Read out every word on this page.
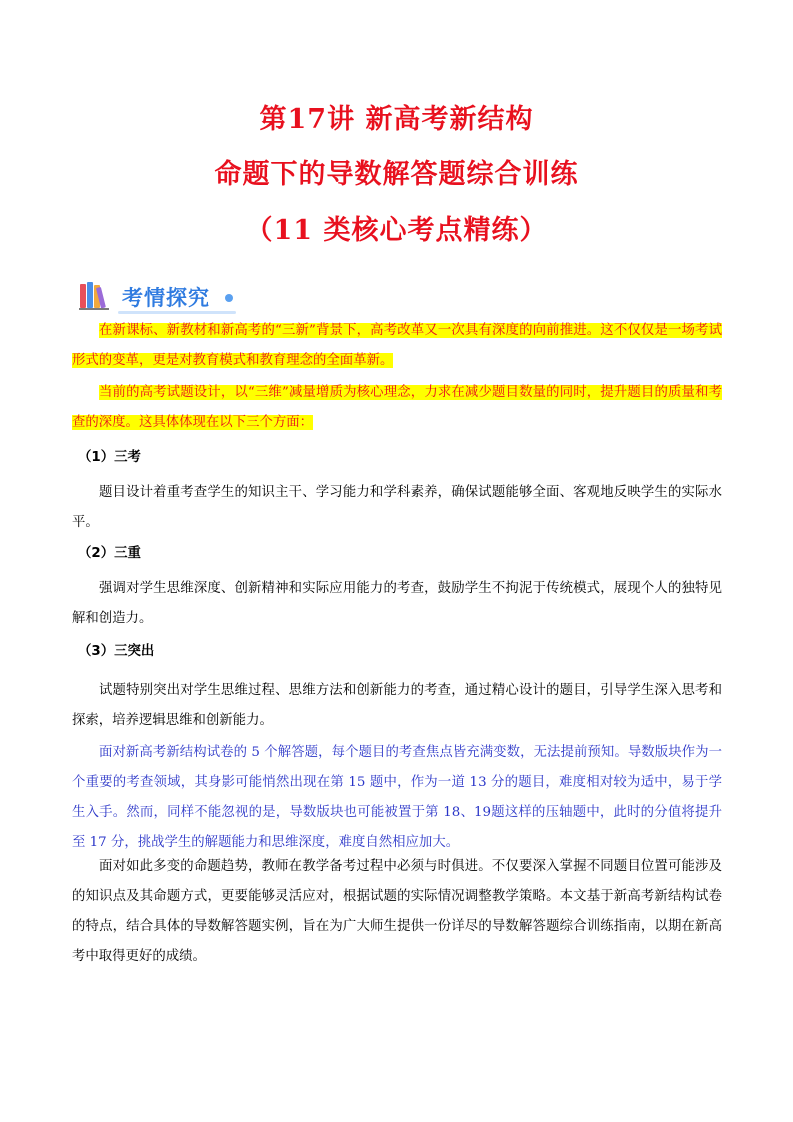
第17讲 新高考新结构
命题下的导数解答题综合训练
（11 类核心考点精练）
考情探究

在新课标、新教材和新高考的“三新”背景下，高考改革又一次具有深度的向前推进。这不仅仅是一场考试形式的变革，更是对教育模式和教育理念的全面革新。

当前的高考试题设计，以“三维”减量增质为核心理念，力求在减少题目数量的同时，提升题目的质量和考查的深度。这具体体现在以下三个方面：

（1）三考

题目设计着重考查学生的知识主干、学习能力和学科素养，确保试题能够全面、客观地反映学生的实际水平。

（2）三重

强调对学生思维深度、创新精神和实际应用能力的考查，鼓励学生不拘泥于传统模式，展现个人的独特见解和创造力。

（3）三突出

试题特别突出对学生思维过程、思维方法和创新能力的考查，通过精心设计的题目，引导学生深入思考和探索，培养逻辑思维和创新能力。

面对新高考新结构试卷的 5 个解答题，每个题目的考查焦点皆充满变数，无法提前预知。导数版块作为一个重要的考查领域，其身影可能悄然出现在第 15 题中，作为一道 13 分的题目，难度相对较为适中，易于学生入手。然而，同样不能忽视的是，导数版块也可能被置于第 18、19题这样的压轴题中，此时的分值将提升至 17 分，挑战学生的解题能力和思维深度，难度自然相应加大。

面对如此多变的命题趋势，教师在教学备考过程中必须与时俱进。不仅要深入掌握不同题目位置可能涉及的知识点及其命题方式，更要能够灵活应对，根据试题的实际情况调整教学策略。本文基于新高考新结构试卷的特点，结合具体的导数解答题实例，旨在为广大师生提供一份详尽的导数解答题综合训练指南，以期在新高考中取得更好的成绩。
